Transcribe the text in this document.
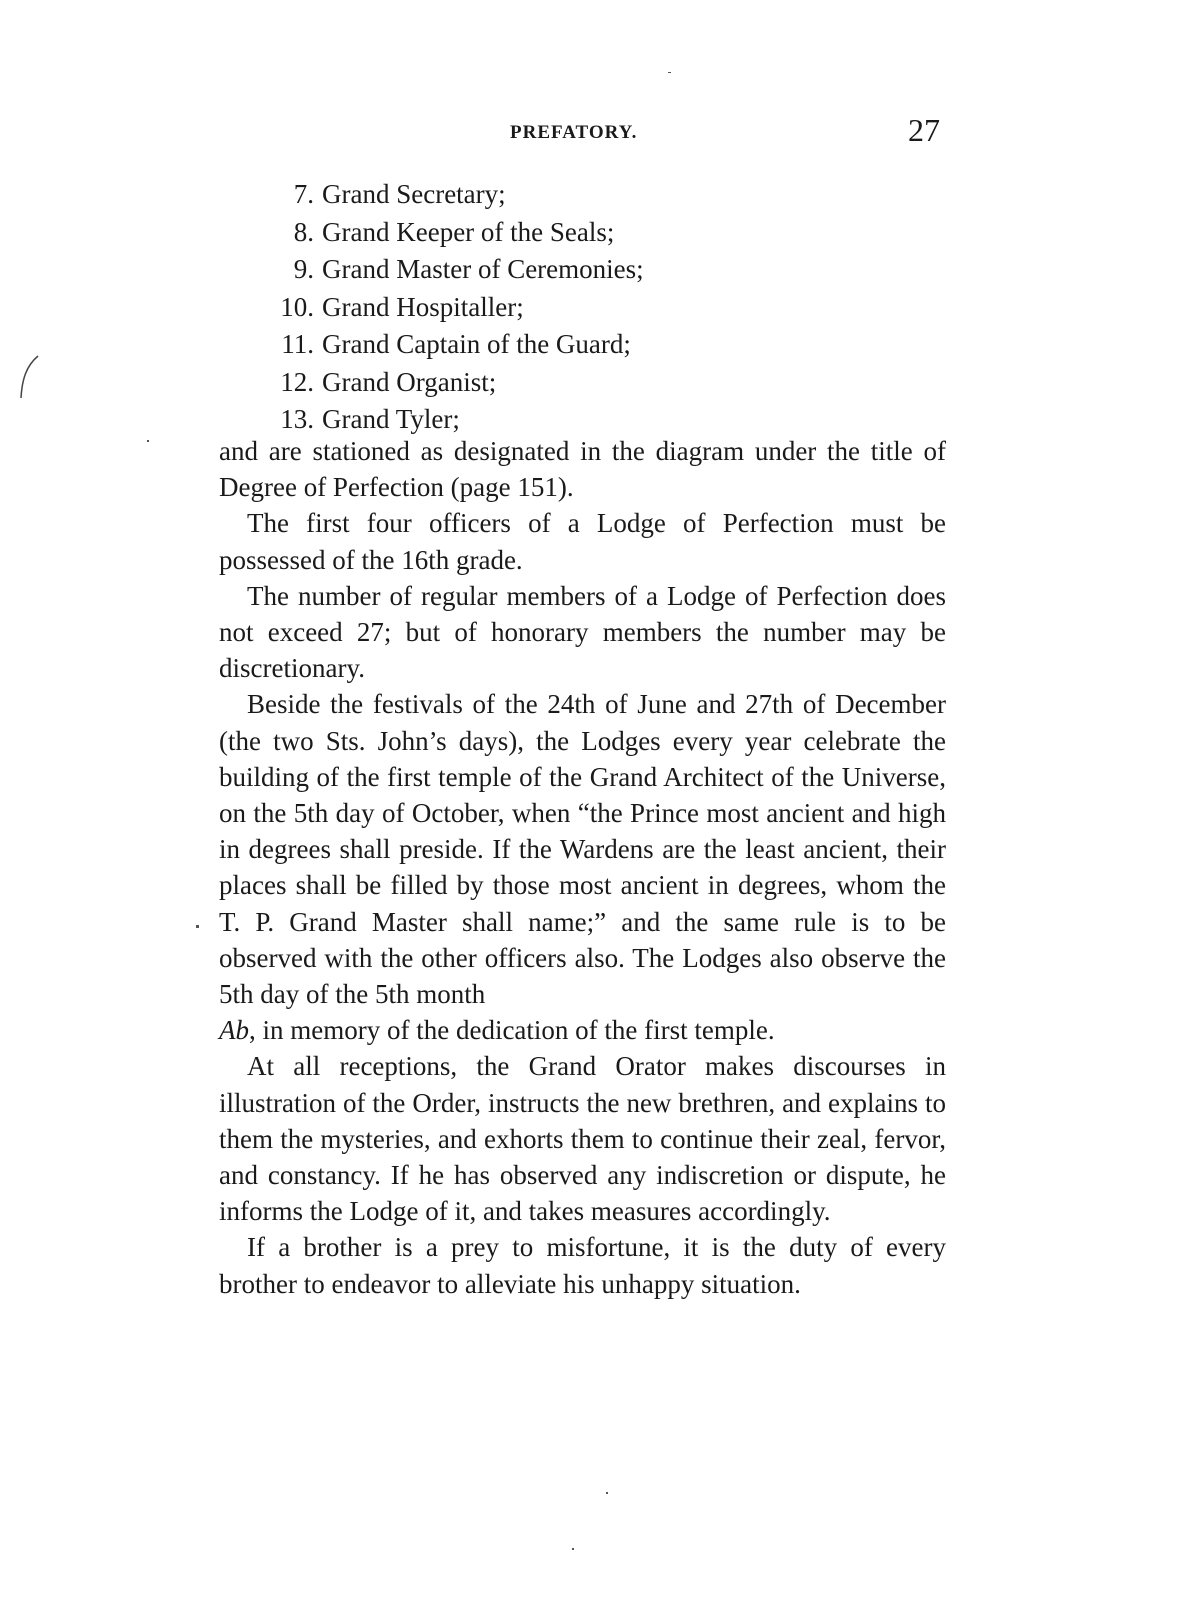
PREFATORY.	27
7. Grand Secretary;
8. Grand Keeper of the Seals;
9. Grand Master of Ceremonies;
10. Grand Hospitaller;
11. Grand Captain of the Guard;
12. Grand Organist;
13. Grand Tyler;

and are stationed as designated in the diagram under the title of Degree of Perfection (page 151).

The first four officers of a Lodge of Perfection must be possessed of the 16th grade.

The number of regular members of a Lodge of Perfection does not exceed 27; but of honorary members the number may be discretionary.

Beside the festivals of the 24th of June and 27th of December (the two Sts. John’s days), the Lodges every year celebrate the building of the first temple of the Grand Architect of the Universe, on the 5th day of October, when “the Prince most ancient and high in degrees shall preside. If the Wardens are the least ancient, their places shall be filled by those most ancient in degrees, whom the T. P. Grand Master shall name;” and the same rule is to be observed with the other officers also. The Lodges also observe the 5th day of the 5th month

Ab, in memory of the dedication of the first temple.

At all receptions, the Grand Orator makes discourses in illustration of the Order, instructs the new brethren, and explains to them the mysteries, and exhorts them to continue their zeal, fervor, and constancy. If he has observed any indiscretion or dispute, he informs the Lodge of it, and takes measures accordingly.

If a brother is a prey to misfortune, it is the duty of every brother to endeavor to alleviate his unhappy situation.
